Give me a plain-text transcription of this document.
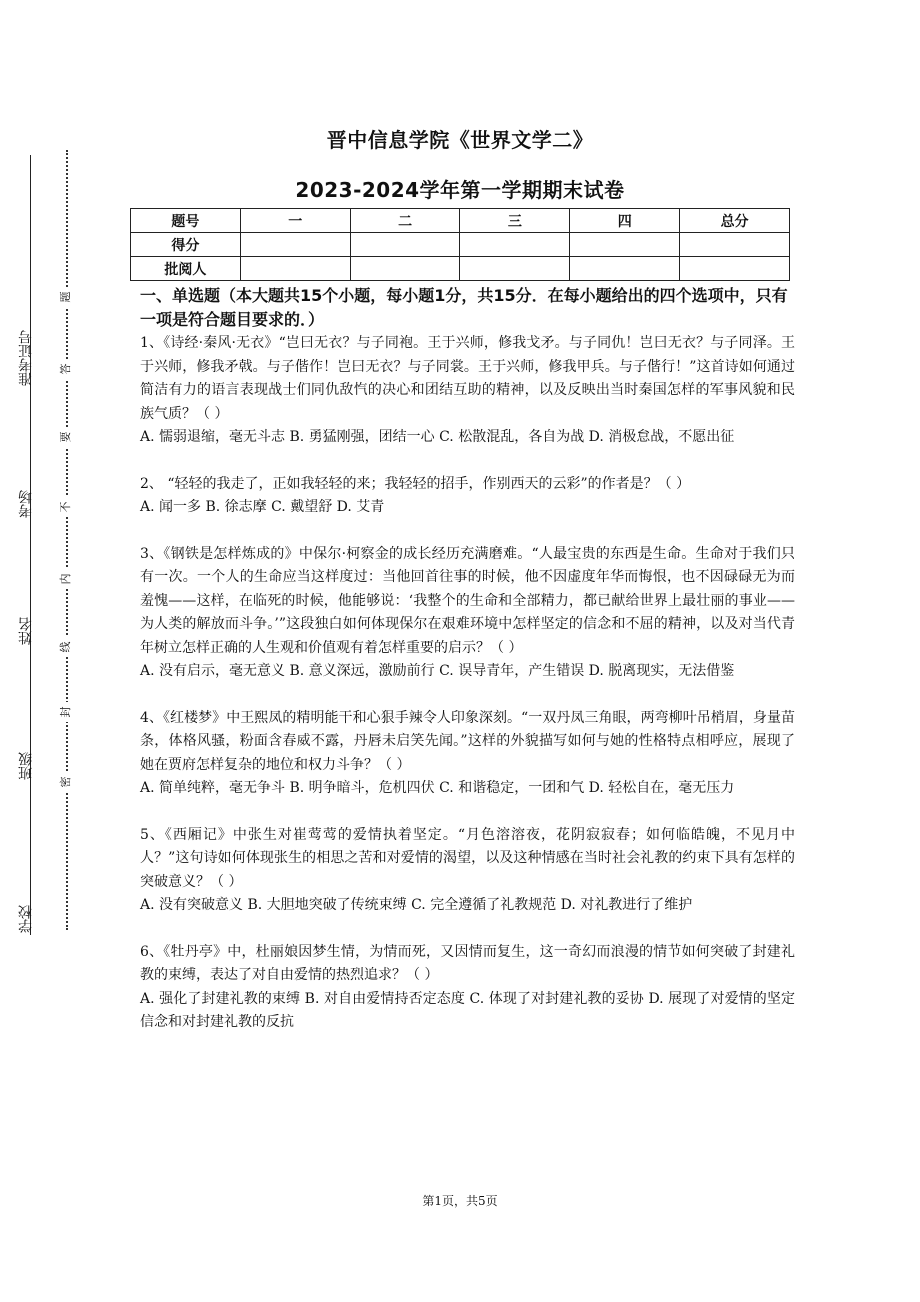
学校
班级
姓名
考场
准考证号
密
封
线
内
不
要
答
题
晋中信息学院《世界文学二》
2023-2024学年第一学期期末试卷
题号	一	二	三	四	总分
得分					
批阅人					

一、单选题（本大题共15个小题，每小题1分，共15分．在每小题给出的四个选项中，只有一项是符合题目要求的．）

1、《诗经·秦风·无衣》“岂曰无衣？与子同袍。王于兴师，修我戈矛。与子同仇！岂曰无衣？与子同泽。王于兴师，修我矛戟。与子偕作！岂曰无衣？与子同裳。王于兴师，修我甲兵。与子偕行！”这首诗如何通过简洁有力的语言表现战士们同仇敌忾的决心和团结互助的精神，以及反映出当时秦国怎样的军事风貌和民族气质？（ ）

A. 懦弱退缩，毫无斗志 B. 勇猛刚强，团结一心 C. 松散混乱，各自为战 D. 消极怠战，不愿出征

2、 “轻轻的我走了，正如我轻轻的来；我轻轻的招手，作别西天的云彩”的作者是？（ ）

A. 闻一多 B. 徐志摩 C. 戴望舒 D. 艾青

3、《钢铁是怎样炼成的》中保尔·柯察金的成长经历充满磨难。“人最宝贵的东西是生命。生命对于我们只有一次。一个人的生命应当这样度过：当他回首往事的时候，他不因虚度年华而悔恨，也不因碌碌无为而羞愧——这样，在临死的时候，他能够说：‘我整个的生命和全部精力，都已献给世界上最壮丽的事业——为人类的解放而斗争。’”这段独白如何体现保尔在艰难环境中怎样坚定的信念和不屈的精神，以及对当代青年树立怎样正确的人生观和价值观有着怎样重要的启示？（ ）

A. 没有启示，毫无意义 B. 意义深远，激励前行 C. 误导青年，产生错误 D. 脱离现实，无法借鉴

4、《红楼梦》中王熙凤的精明能干和心狠手辣令人印象深刻。“一双丹凤三角眼，两弯柳叶吊梢眉，身量苗条，体格风骚，粉面含春威不露，丹唇未启笑先闻。”这样的外貌描写如何与她的性格特点相呼应，展现了她在贾府怎样复杂的地位和权力斗争？（ ）

A. 简单纯粹，毫无争斗 B. 明争暗斗，危机四伏 C. 和谐稳定，一团和气 D. 轻松自在，毫无压力

5、《西厢记》中张生对崔莺莺的爱情执着坚定。“月色溶溶夜，花阴寂寂春；如何临皓魄，不见月中人？”这句诗如何体现张生的相思之苦和对爱情的渴望，以及这种情感在当时社会礼教的约束下具有怎样的突破意义？（ ）

A. 没有突破意义 B. 大胆地突破了传统束缚 C. 完全遵循了礼教规范 D. 对礼教进行了维护

6、《牡丹亭》中，杜丽娘因梦生情，为情而死，又因情而复生，这一奇幻而浪漫的情节如何突破了封建礼教的束缚，表达了对自由爱情的热烈追求？（ ）

A. 强化了封建礼教的束缚 B. 对自由爱情持否定态度 C. 体现了对封建礼教的妥协 D. 展现了对爱情的坚定信念和对封建礼教的反抗

第1页，共5页
